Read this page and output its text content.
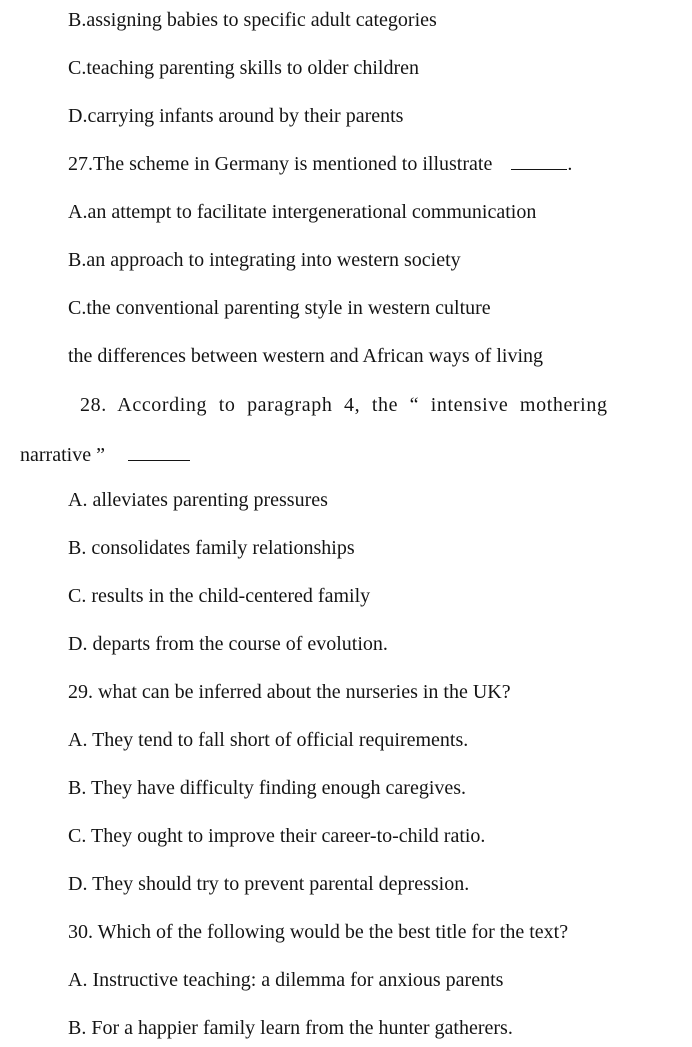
B.assigning babies to specific adult categories
C.teaching parenting skills to older children
D.carrying infants around by their parents
27.The scheme in Germany is mentioned to illustrate	.
A.an attempt to facilitate intergenerational communication
B.an approach to integrating into western society
C.the conventional parenting style in western culture
the differences between western and African ways of living
28. According to paragraph 4, the “ intensive mothering
narrative ”
A. alleviates parenting pressures
B. consolidates family relationships
C. results in the child-centered family
D. departs from the course of evolution.
29. what can be inferred about the nurseries in the UK?
A. They tend to fall short of official requirements.
B. They have difficulty finding enough caregives.
C. They ought to improve their career-to-child ratio.
D. They should try to prevent parental depression.
30. Which of the following would be the best title for the text?
A. Instructive teaching: a dilemma for anxious parents
B. For a happier family learn from the hunter gatherers.
